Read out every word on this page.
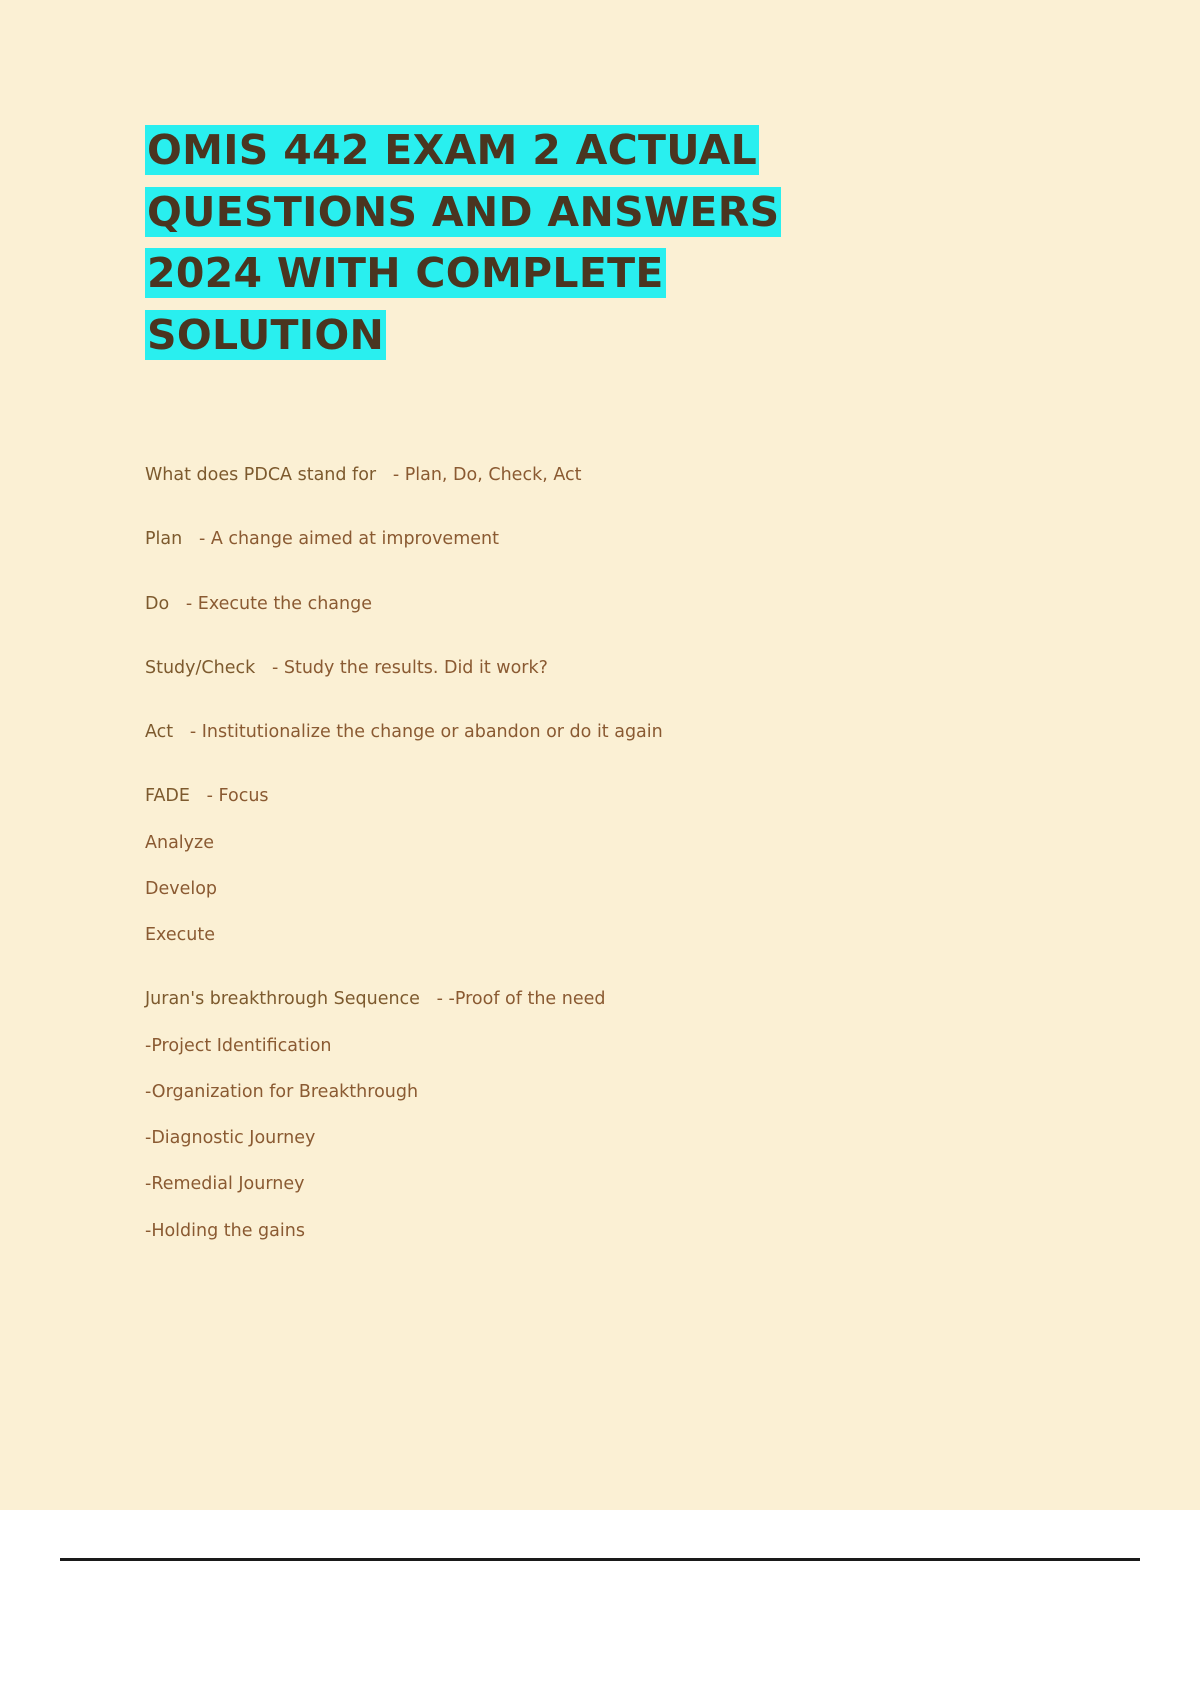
OMIS 442 EXAM 2 ACTUAL
QUESTIONS AND ANSWERS
2024 WITH COMPLETE
SOLUTION

What does PDCA stand for - Plan, Do, Check, Act

Plan - A change aimed at improvement

Do - Execute the change

Study/Check - Study the results. Did it work?

Act - Institutionalize the change or abandon or do it again

FADE - Focus

Analyze

Develop

Execute

Juran's breakthrough Sequence - -Proof of the need

-Project Identification

-Organization for Breakthrough

-Diagnostic Journey

-Remedial Journey

-Holding the gains
